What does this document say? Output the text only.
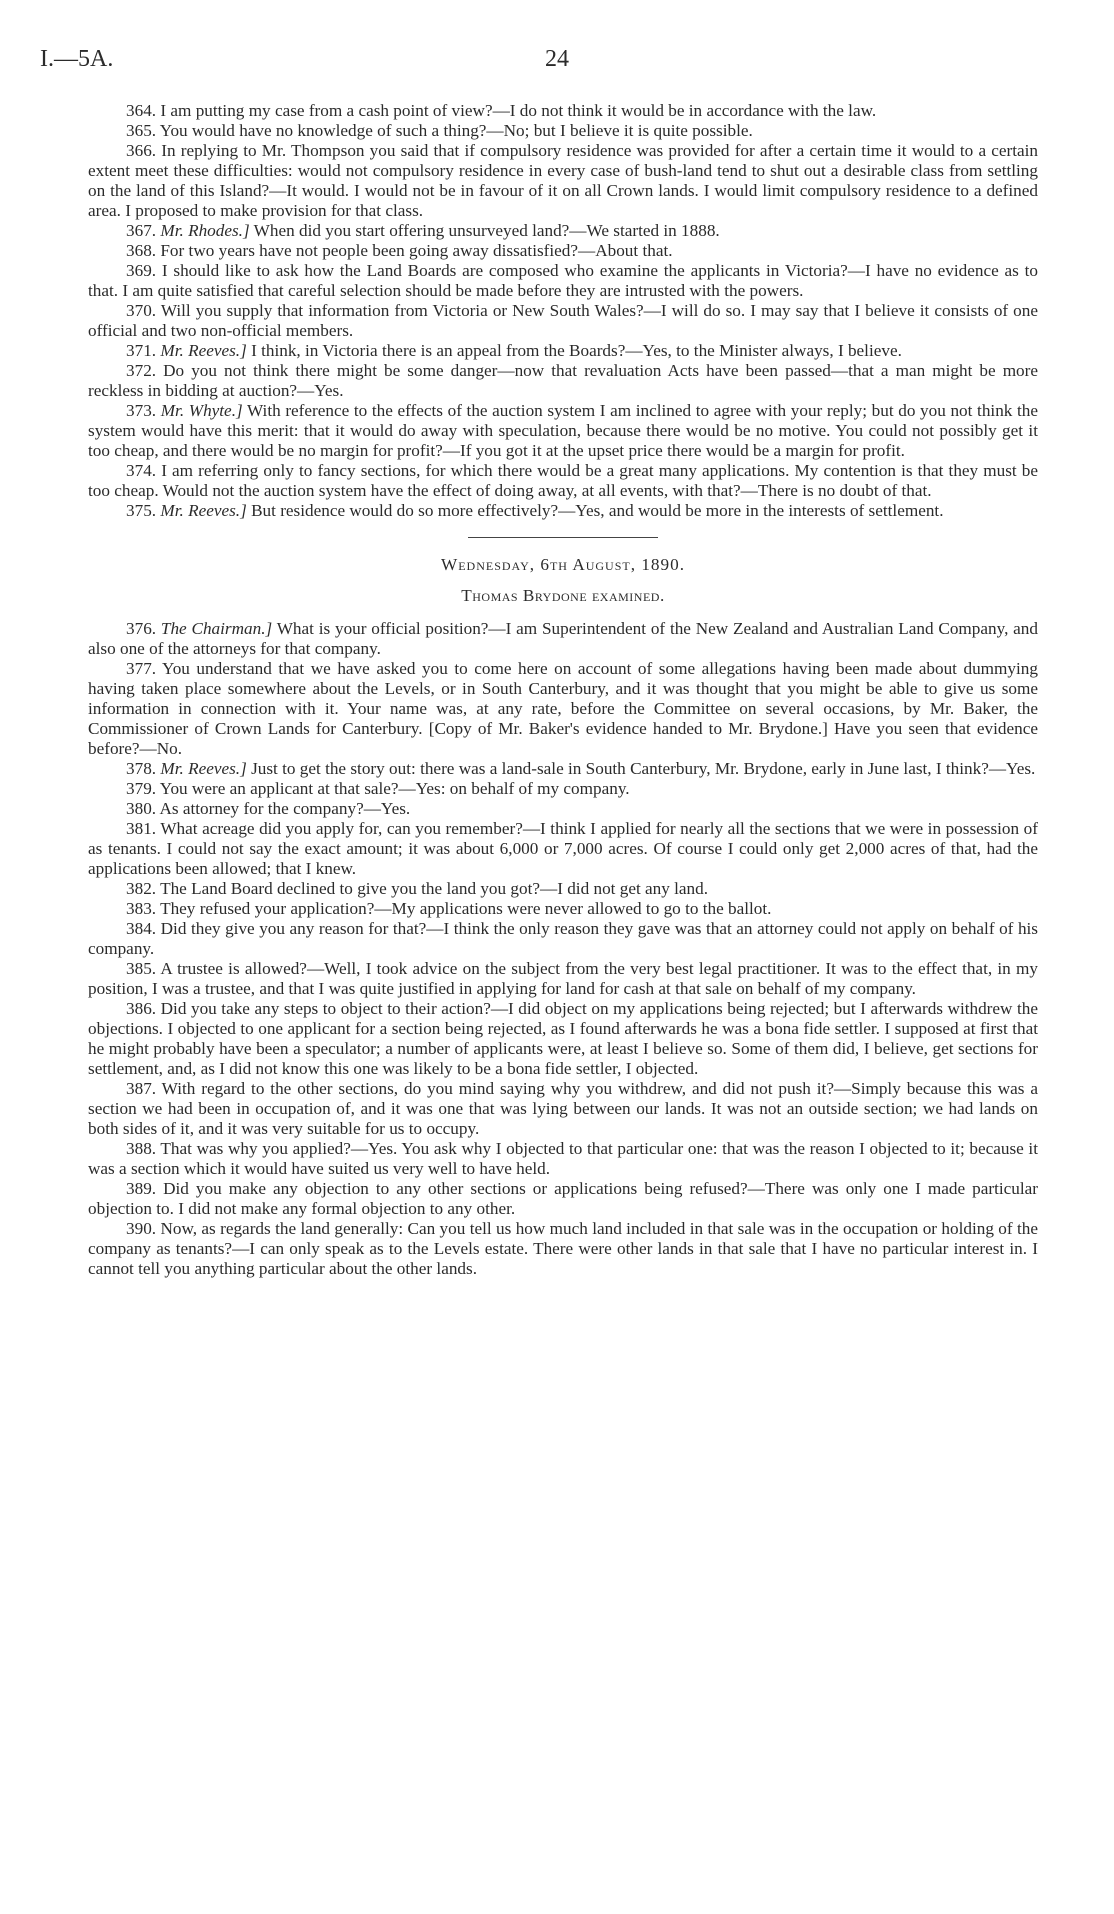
I.—5A.	24

364. I am putting my case from a cash point of view?—I do not think it would be in accordance with the law.

365. You would have no knowledge of such a thing?—No; but I believe it is quite possible.

366. In replying to Mr. Thompson you said that if compulsory residence was provided for after a certain time it would to a certain extent meet these difficulties: would not compulsory residence in every case of bush-land tend to shut out a desirable class from settling on the land of this Island?—It would. I would not be in favour of it on all Crown lands. I would limit compulsory residence to a defined area. I proposed to make provision for that class.

367. Mr. Rhodes.] When did you start offering unsurveyed land?—We started in 1888.

368. For two years have not people been going away dissatisfied?—About that.

369. I should like to ask how the Land Boards are composed who examine the applicants in Victoria?—I have no evidence as to that. I am quite satisfied that careful selection should be made before they are intrusted with the powers.

370. Will you supply that information from Victoria or New South Wales?—I will do so. I may say that I believe it consists of one official and two non-official members.

371. Mr. Reeves.] I think, in Victoria there is an appeal from the Boards?—Yes, to the Minister always, I believe.

372. Do you not think there might be some danger—now that revaluation Acts have been passed—that a man might be more reckless in bidding at auction?—Yes.

373. Mr. Whyte.] With reference to the effects of the auction system I am inclined to agree with your reply; but do you not think the system would have this merit: that it would do away with speculation, because there would be no motive. You could not possibly get it too cheap, and there would be no margin for profit?—If you got it at the upset price there would be a margin for profit.

374. I am referring only to fancy sections, for which there would be a great many applications. My contention is that they must be too cheap. Would not the auction system have the effect of doing away, at all events, with that?—There is no doubt of that.

375. Mr. Reeves.] But residence would do so more effectively?—Yes, and would be more in the interests of settlement.

Wednesday, 6th August, 1890.
Thomas Brydone examined.

376. The Chairman.] What is your official position?—I am Superintendent of the New Zealand and Australian Land Company, and also one of the attorneys for that company.

377. You understand that we have asked you to come here on account of some allegations having been made about dummying having taken place somewhere about the Levels, or in South Canterbury, and it was thought that you might be able to give us some information in connection with it. Your name was, at any rate, before the Committee on several occasions, by Mr. Baker, the Commissioner of Crown Lands for Canterbury. [Copy of Mr. Baker's evidence handed to Mr. Brydone.] Have you seen that evidence before?—No.

378. Mr. Reeves.] Just to get the story out: there was a land-sale in South Canterbury, Mr. Brydone, early in June last, I think?—Yes.

379. You were an applicant at that sale?—Yes: on behalf of my company.

380. As attorney for the company?—Yes.

381. What acreage did you apply for, can you remember?—I think I applied for nearly all the sections that we were in possession of as tenants. I could not say the exact amount; it was about 6,000 or 7,000 acres. Of course I could only get 2,000 acres of that, had the applications been allowed; that I knew.

382. The Land Board declined to give you the land you got?—I did not get any land.

383. They refused your application?—My applications were never allowed to go to the ballot.

384. Did they give you any reason for that?—I think the only reason they gave was that an attorney could not apply on behalf of his company.

385. A trustee is allowed?—Well, I took advice on the subject from the very best legal practitioner. It was to the effect that, in my position, I was a trustee, and that I was quite justified in applying for land for cash at that sale on behalf of my company.

386. Did you take any steps to object to their action?—I did object on my applications being rejected; but I afterwards withdrew the objections. I objected to one applicant for a section being rejected, as I found afterwards he was a bona fide settler. I supposed at first that he might probably have been a speculator; a number of applicants were, at least I believe so. Some of them did, I believe, get sections for settlement, and, as I did not know this one was likely to be a bona fide settler, I objected.

387. With regard to the other sections, do you mind saying why you withdrew, and did not push it?—Simply because this was a section we had been in occupation of, and it was one that was lying between our lands. It was not an outside section; we had lands on both sides of it, and it was very suitable for us to occupy.

388. That was why you applied?—Yes. You ask why I objected to that particular one: that was the reason I objected to it; because it was a section which it would have suited us very well to have held.

389. Did you make any objection to any other sections or applications being refused?—There was only one I made particular objection to. I did not make any formal objection to any other.

390. Now, as regards the land generally: Can you tell us how much land included in that sale was in the occupation or holding of the company as tenants?—I can only speak as to the Levels estate. There were other lands in that sale that I have no particular interest in. I cannot tell you anything particular about the other lands.
